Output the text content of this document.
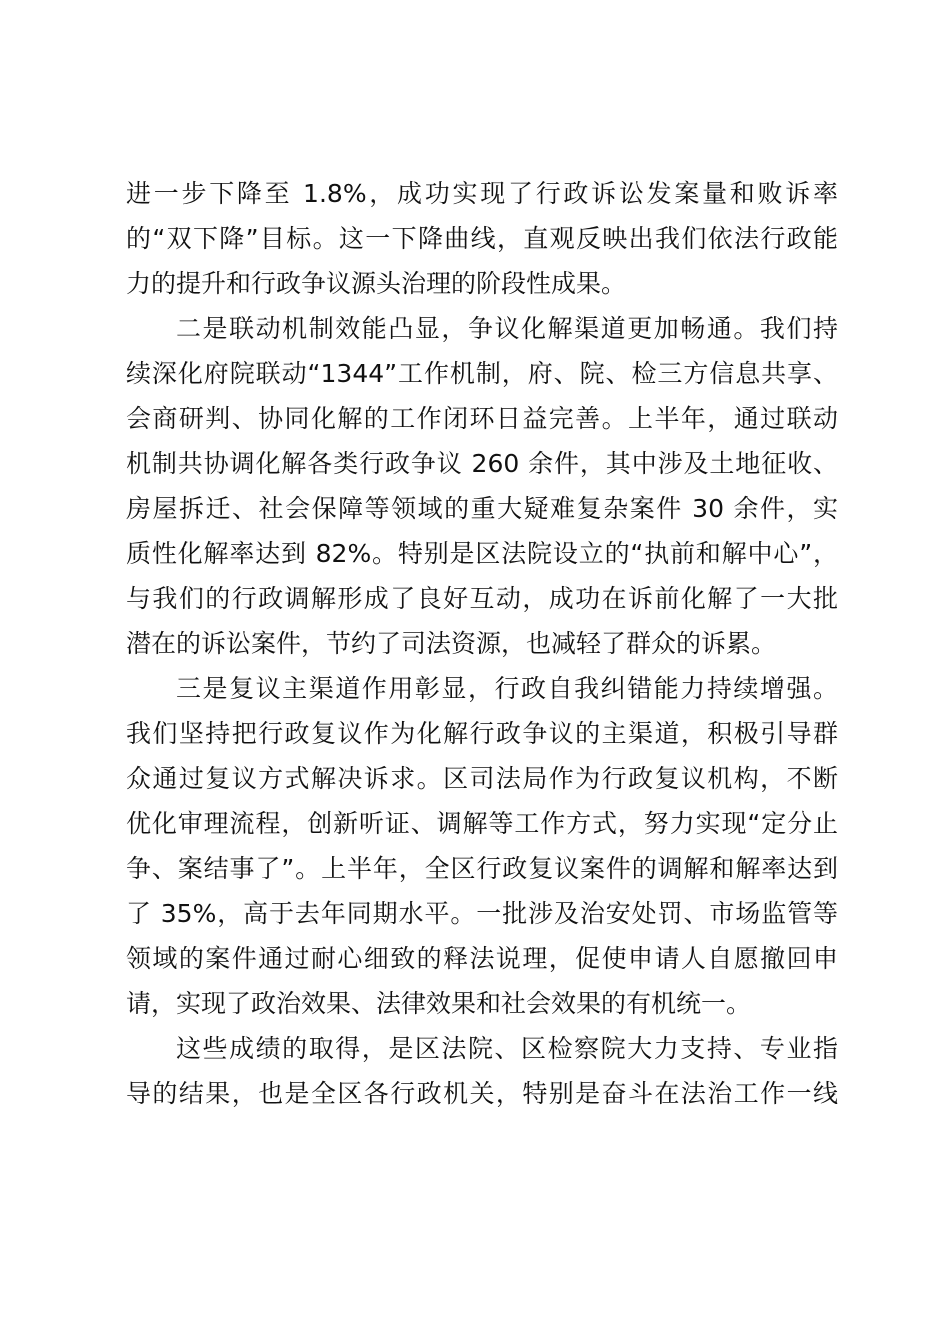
进一步下降至 1.8%，成功实现了行政诉讼发案量和败诉率
的“双下降”目标。这一下降曲线，直观反映出我们依法行政能
力的提升和行政争议源头治理的阶段性成果。
二是联动机制效能凸显，争议化解渠道更加畅通。我们持
续深化府院联动“1344”工作机制，府、院、检三方信息共享、
会商研判、协同化解的工作闭环日益完善。上半年，通过联动
机制共协调化解各类行政争议 260 余件，其中涉及土地征收、
房屋拆迁、社会保障等领域的重大疑难复杂案件 30 余件，实
质性化解率达到 82%。特别是区法院设立的“执前和解中心”，
与我们的行政调解形成了良好互动，成功在诉前化解了一大批
潜在的诉讼案件，节约了司法资源，也减轻了群众的诉累。
三是复议主渠道作用彰显，行政自我纠错能力持续增强。
我们坚持把行政复议作为化解行政争议的主渠道，积极引导群
众通过复议方式解决诉求。区司法局作为行政复议机构，不断
优化审理流程，创新听证、调解等工作方式，努力实现“定分止
争、案结事了”。上半年，全区行政复议案件的调解和解率达到
了 35%，高于去年同期水平。一批涉及治安处罚、市场监管等
领域的案件通过耐心细致的释法说理，促使申请人自愿撤回申
请，实现了政治效果、法律效果和社会效果的有机统一。
这些成绩的取得，是区法院、区检察院大力支持、专业指
导的结果，也是全区各行政机关，特别是奋斗在法治工作一线
